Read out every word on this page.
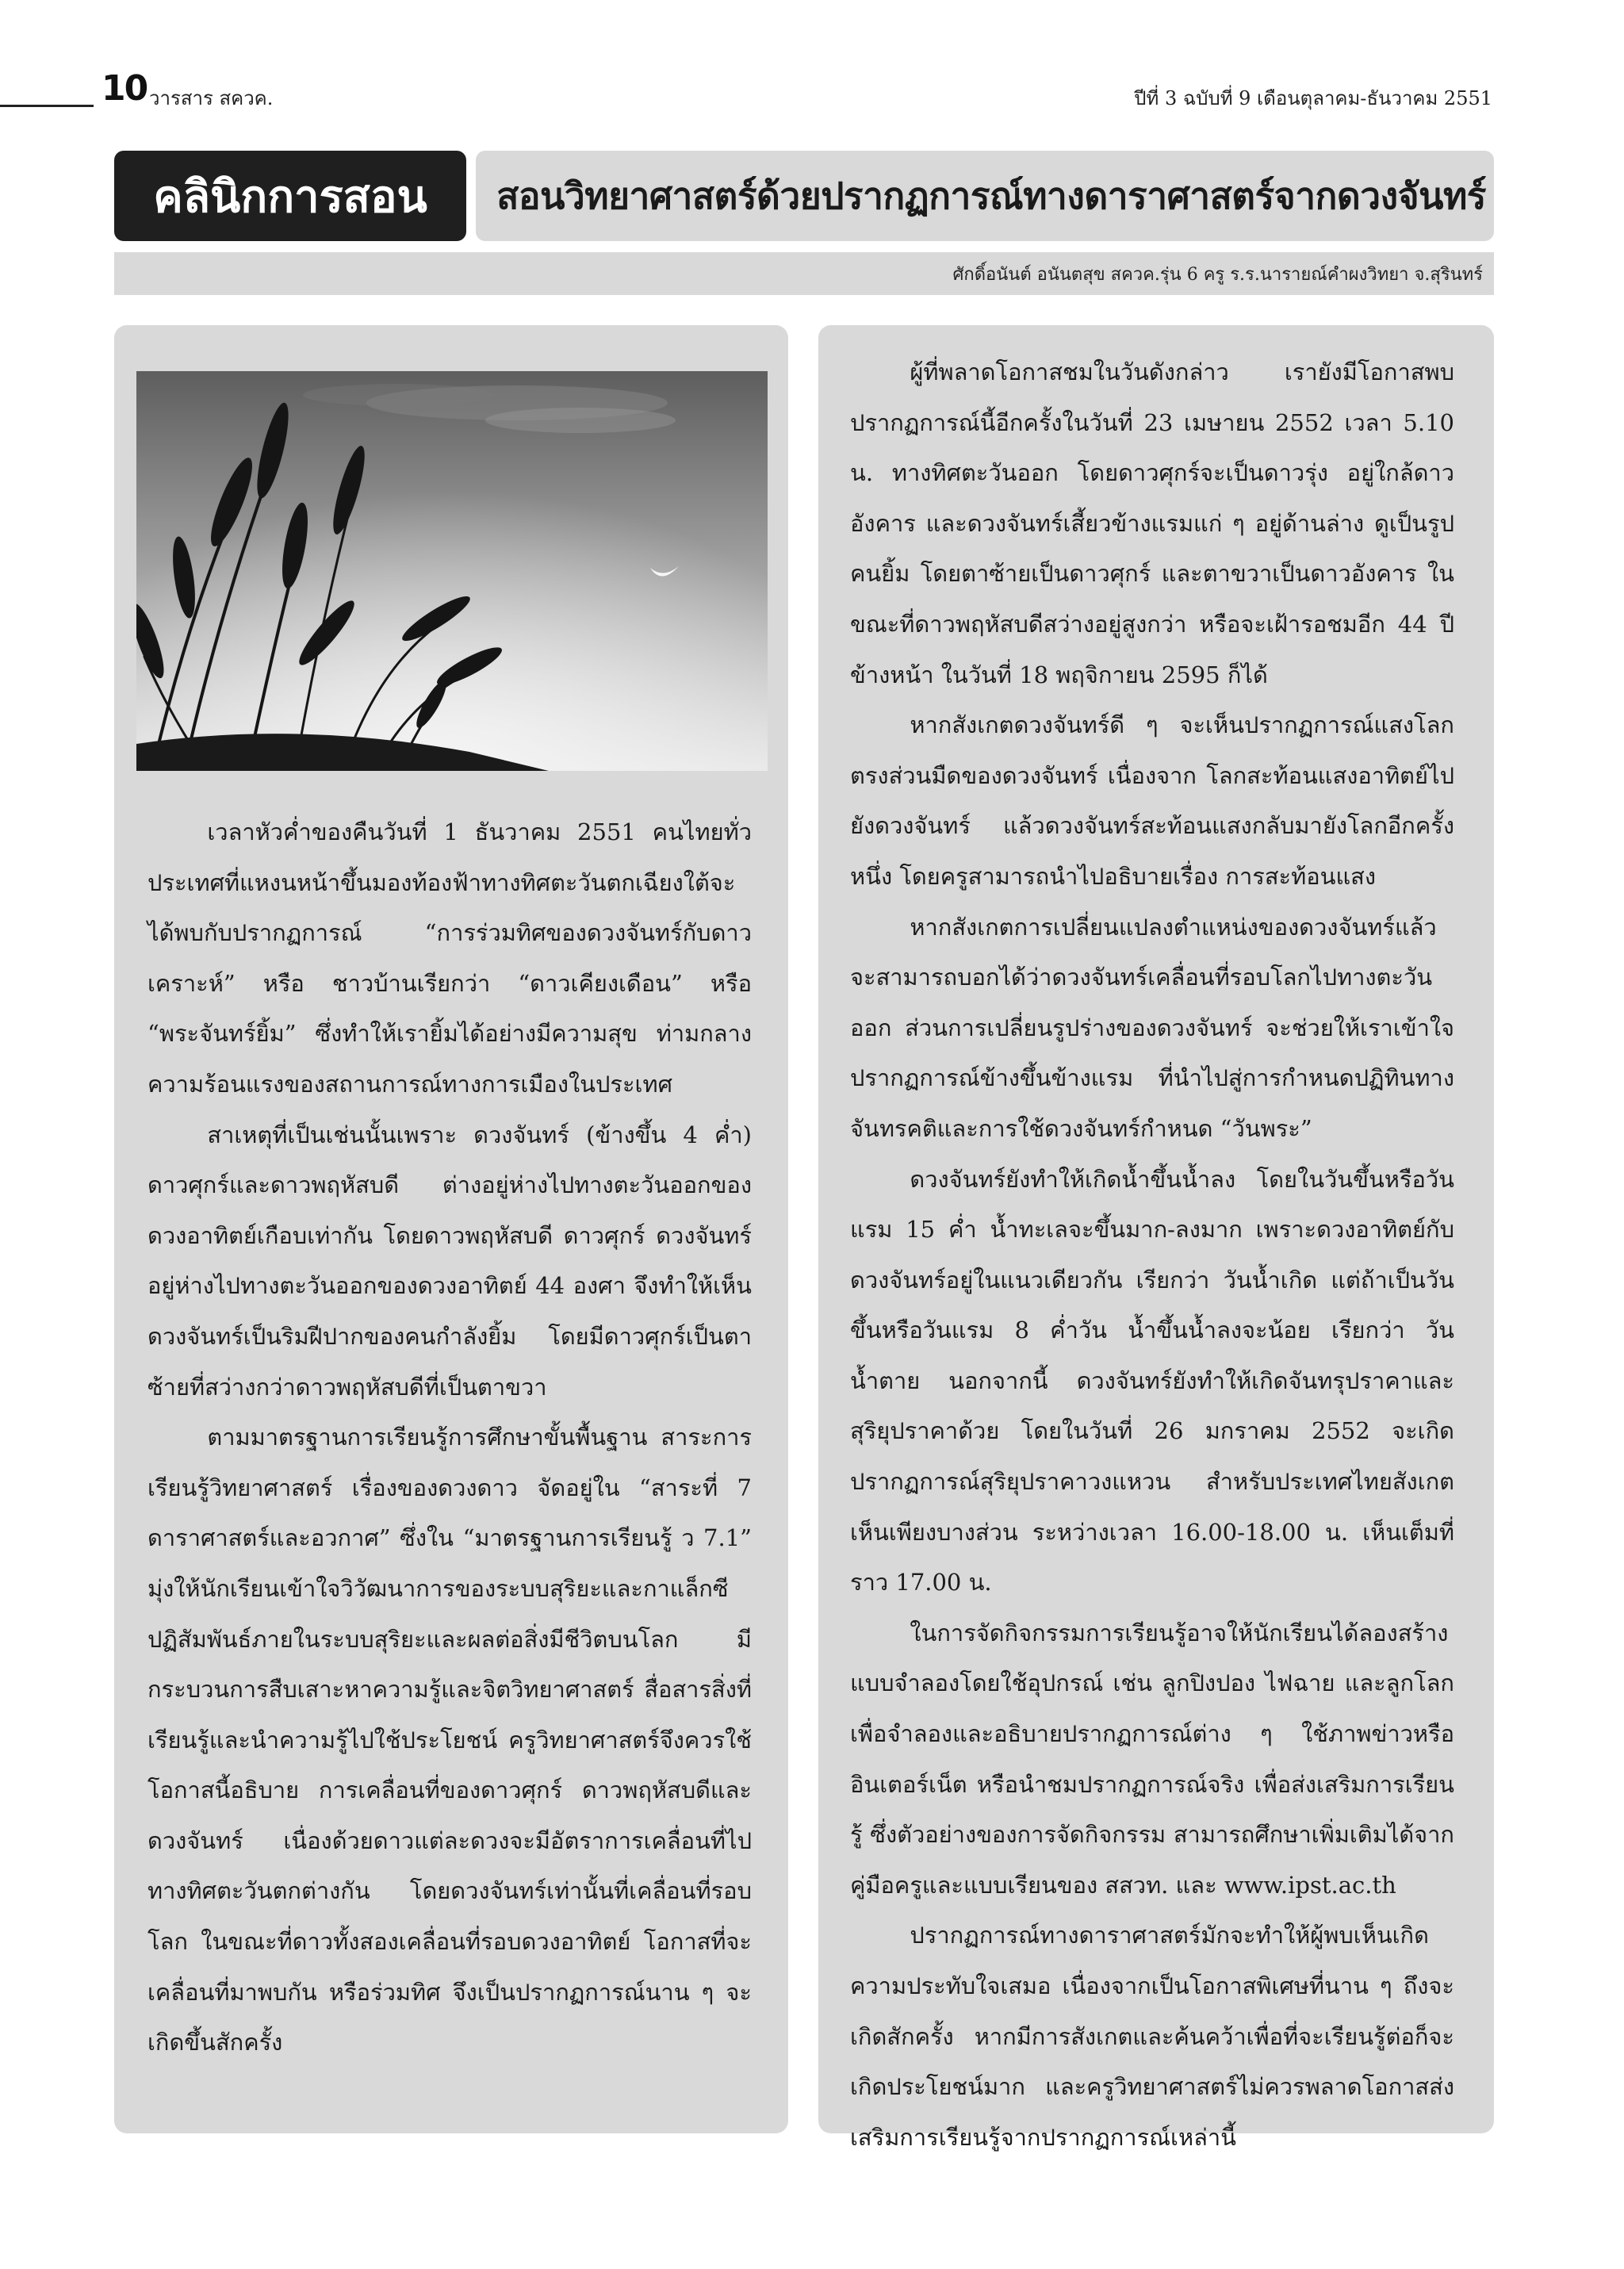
10 วารสาร สควค.	ปีที่ 3 ฉบับที่ 9 เดือนตุลาคม-ธันวาคม 2551
คลินิกการสอน	สอนวิทยาศาสตร์ด้วยปรากฏการณ์ทางดาราศาสตร์จากดวงจันทร์
ศักดิ์อนันต์ อนันตสุข สควค.รุ่น 6 ครู ร.ร.นารายณ์คำผงวิทยา จ.สุรินทร์

เวลาหัวค่ำของคืนวันที่ 1 ธันวาคม 2551 คนไทยทั่วประเทศที่แหงนหน้าขึ้นมองท้องฟ้าทางทิศตะวันตกเฉียงใต้จะได้พบกับปรากฏการณ์ “การร่วมทิศของดวงจันทร์กับดาวเคราะห์” หรือ ชาวบ้านเรียกว่า “ดาวเคียงเดือน” หรือ “พระจันทร์ยิ้ม” ซึ่งทำให้เรายิ้มได้อย่างมีความสุข ท่ามกลางความร้อนแรงของสถานการณ์ทางการเมืองในประเทศ

สาเหตุที่เป็นเช่นนั้นเพราะ ดวงจันทร์ (ข้างขึ้น 4 ค่ำ) ดาวศุกร์และดาวพฤหัสบดี ต่างอยู่ห่างไปทางตะวันออกของดวงอาทิตย์เกือบเท่ากัน โดยดาวพฤหัสบดี ดาวศุกร์ ดวงจันทร์ อยู่ห่างไปทางตะวันออกของดวงอาทิตย์ 44 องศา จึงทำให้เห็นดวงจันทร์เป็นริมฝีปากของคนกำลังยิ้ม โดยมีดาวศุกร์เป็นตาซ้ายที่สว่างกว่าดาวพฤหัสบดีที่เป็นตาขวา

ตามมาตรฐานการเรียนรู้การศึกษาขั้นพื้นฐาน สาระการเรียนรู้วิทยาศาสตร์ เรื่องของดวงดาว จัดอยู่ใน “สาระที่ 7 ดาราศาสตร์และอวกาศ” ซึ่งใน “มาตรฐานการเรียนรู้ ว 7.1” มุ่งให้นักเรียนเข้าใจวิวัฒนาการของระบบสุริยะและกาแล็กซี ปฏิสัมพันธ์ภายในระบบสุริยะและผลต่อสิ่งมีชีวิตบนโลก มีกระบวนการสืบเสาะหาความรู้และจิตวิทยาศาสตร์ สื่อสารสิ่งที่เรียนรู้และนำความรู้ไปใช้ประโยชน์ ครูวิทยาศาสตร์จึงควรใช้โอกาสนี้อธิบาย การเคลื่อนที่ของดาวศุกร์ ดาวพฤหัสบดีและดวงจันทร์ เนื่องด้วยดาวแต่ละดวงจะมีอัตราการเคลื่อนที่ไปทางทิศตะวันตกต่างกัน โดยดวงจันทร์เท่านั้นที่เคลื่อนที่รอบโลก ในขณะที่ดาวทั้งสองเคลื่อนที่รอบดวงอาทิตย์ โอกาสที่จะเคลื่อนที่มาพบกัน หรือร่วมทิศ จึงเป็นปรากฏการณ์นาน ๆ จะเกิดขึ้นสักครั้ง

ผู้ที่พลาดโอกาสชมในวันดังกล่าว เรายังมีโอกาสพบปรากฏการณ์นี้อีกครั้งในวันที่ 23 เมษายน 2552 เวลา 5.10 น. ทางทิศตะวันออก โดยดาวศุกร์จะเป็นดาวรุ่ง อยู่ใกล้ดาวอังคาร และดวงจันทร์เสี้ยวข้างแรมแก่ ๆ อยู่ด้านล่าง ดูเป็นรูปคนยิ้ม โดยตาซ้ายเป็นดาวศุกร์ และตาขวาเป็นดาวอังคาร ในขณะที่ดาวพฤหัสบดีสว่างอยู่สูงกว่า หรือจะเฝ้ารอชมอีก 44 ปีข้างหน้า ในวันที่ 18 พฤจิกายน 2595 ก็ได้

หากสังเกตดวงจันทร์ดี ๆ จะเห็นปรากฏการณ์แสงโลกตรงส่วนมืดของดวงจันทร์ เนื่องจาก โลกสะท้อนแสงอาทิตย์ไปยังดวงจันทร์ แล้วดวงจันทร์สะท้อนแสงกลับมายังโลกอีกครั้งหนึ่ง โดยครูสามารถนำไปอธิบายเรื่อง การสะท้อนแสง

หากสังเกตการเปลี่ยนแปลงตำแหน่งของดวงจันทร์แล้ว จะสามารถบอกได้ว่าดวงจันทร์เคลื่อนที่รอบโลกไปทางตะวันออก ส่วนการเปลี่ยนรูปร่างของดวงจันทร์ จะช่วยให้เราเข้าใจปรากฏการณ์ข้างขึ้นข้างแรม ที่นำไปสู่การกำหนดปฏิทินทางจันทรคติและการใช้ดวงจันทร์กำหนด “วันพระ”

ดวงจันทร์ยังทำให้เกิดน้ำขึ้นน้ำลง โดยในวันขึ้นหรือวันแรม 15 ค่ำ น้ำทะเลจะขึ้นมาก-ลงมาก เพราะดวงอาทิตย์กับดวงจันทร์อยู่ในแนวเดียวกัน เรียกว่า วันน้ำเกิด แต่ถ้าเป็นวันขึ้นหรือวันแรม 8 ค่ำวัน น้ำขึ้นน้ำลงจะน้อย เรียกว่า วันน้ำตาย นอกจากนี้ ดวงจันทร์ยังทำให้เกิดจันทรุปราคาและสุริยุปราคาด้วย โดยในวันที่ 26 มกราคม 2552 จะเกิดปรากฏการณ์สุริยุปราคาวงแหวน สำหรับประเทศไทยสังเกตเห็นเพียงบางส่วน ระหว่างเวลา 16.00-18.00 น. เห็นเต็มที่ราว 17.00 น.

ในการจัดกิจกรรมการเรียนรู้อาจให้นักเรียนได้ลองสร้างแบบจำลองโดยใช้อุปกรณ์ เช่น ลูกปิงปอง ไฟฉาย และลูกโลก เพื่อจำลองและอธิบายปรากฏการณ์ต่าง ๆ ใช้ภาพข่าวหรืออินเตอร์เน็ต หรือนำชมปรากฏการณ์จริง เพื่อส่งเสริมการเรียนรู้ ซึ่งตัวอย่างของการจัดกิจกรรม สามารถศึกษาเพิ่มเติมได้จากคู่มือครูและแบบเรียนของ สสวท. และ www.ipst.ac.th

ปรากฏการณ์ทางดาราศาสตร์มักจะทำให้ผู้พบเห็นเกิดความประทับใจเสมอ เนื่องจากเป็นโอกาสพิเศษที่นาน ๆ ถึงจะเกิดสักครั้ง หากมีการสังเกตและค้นคว้าเพื่อที่จะเรียนรู้ต่อก็จะเกิดประโยชน์มาก และครูวิทยาศาสตร์ไม่ควรพลาดโอกาสส่งเสริมการเรียนรู้จากปรากฏการณ์เหล่านี้
